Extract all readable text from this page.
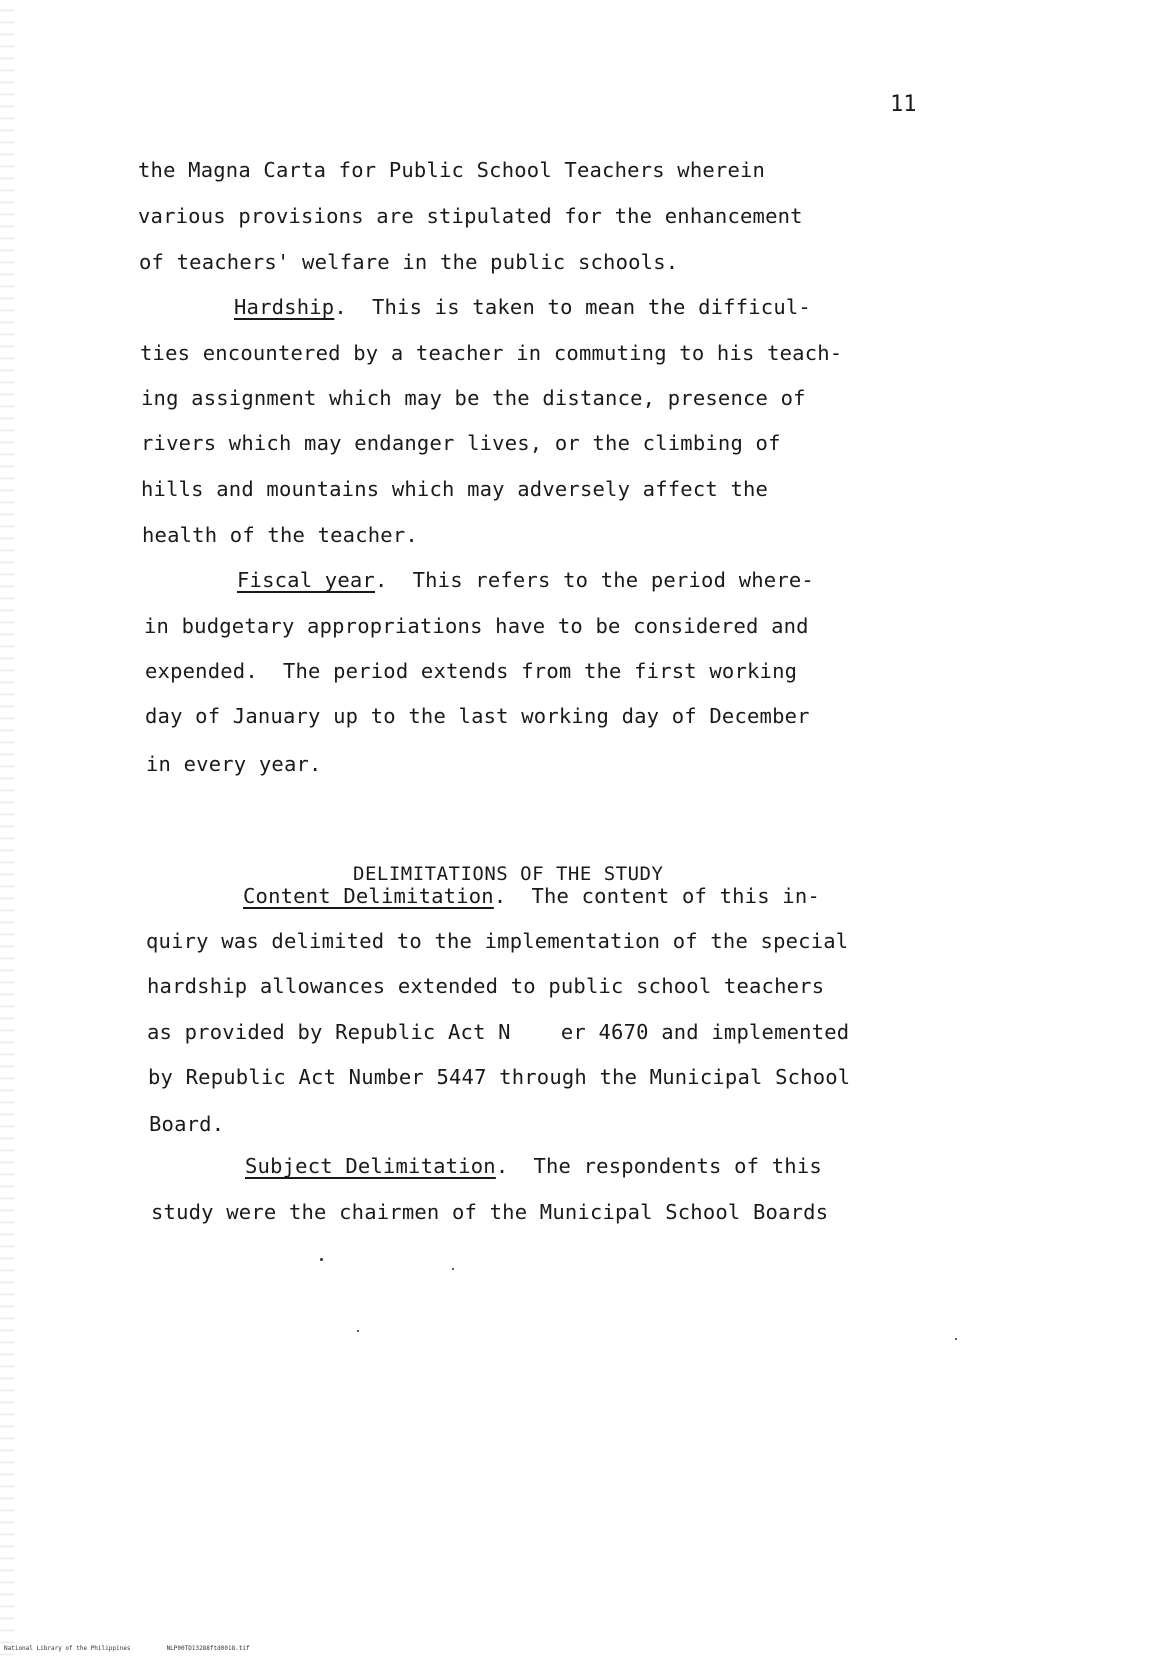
11
the Magna Carta for Public School Teachers wherein
various provisions are stipulated for the enhancement
of teachers' welfare in the public schools.
Hardship.  This is taken to mean the difficul-
ties encountered by a teacher in commuting to his teach-
ing assignment which may be the distance, presence of
rivers which may endanger lives, or the climbing of
hills and mountains which may adversely affect the
health of the teacher.
Fiscal year.  This refers to the period where-
in budgetary appropriations have to be considered and
expended.  The period extends from the first working
day of January up to the last working day of December
in every year.
DELIMITATIONS OF THE STUDY
Content Delimitation.  The content of this in-
quiry was delimited to the implementation of the special
hardship allowances extended to public school teachers
as provided by Republic Act N    er 4670 and implemented
by Republic Act Number 5447 through the Municipal School
Board.
Subject Delimitation.  The respondents of this
study were the chairmen of the Municipal School Boards
National Library of the Philippines	NLP00TD13288ftd0018.tif
